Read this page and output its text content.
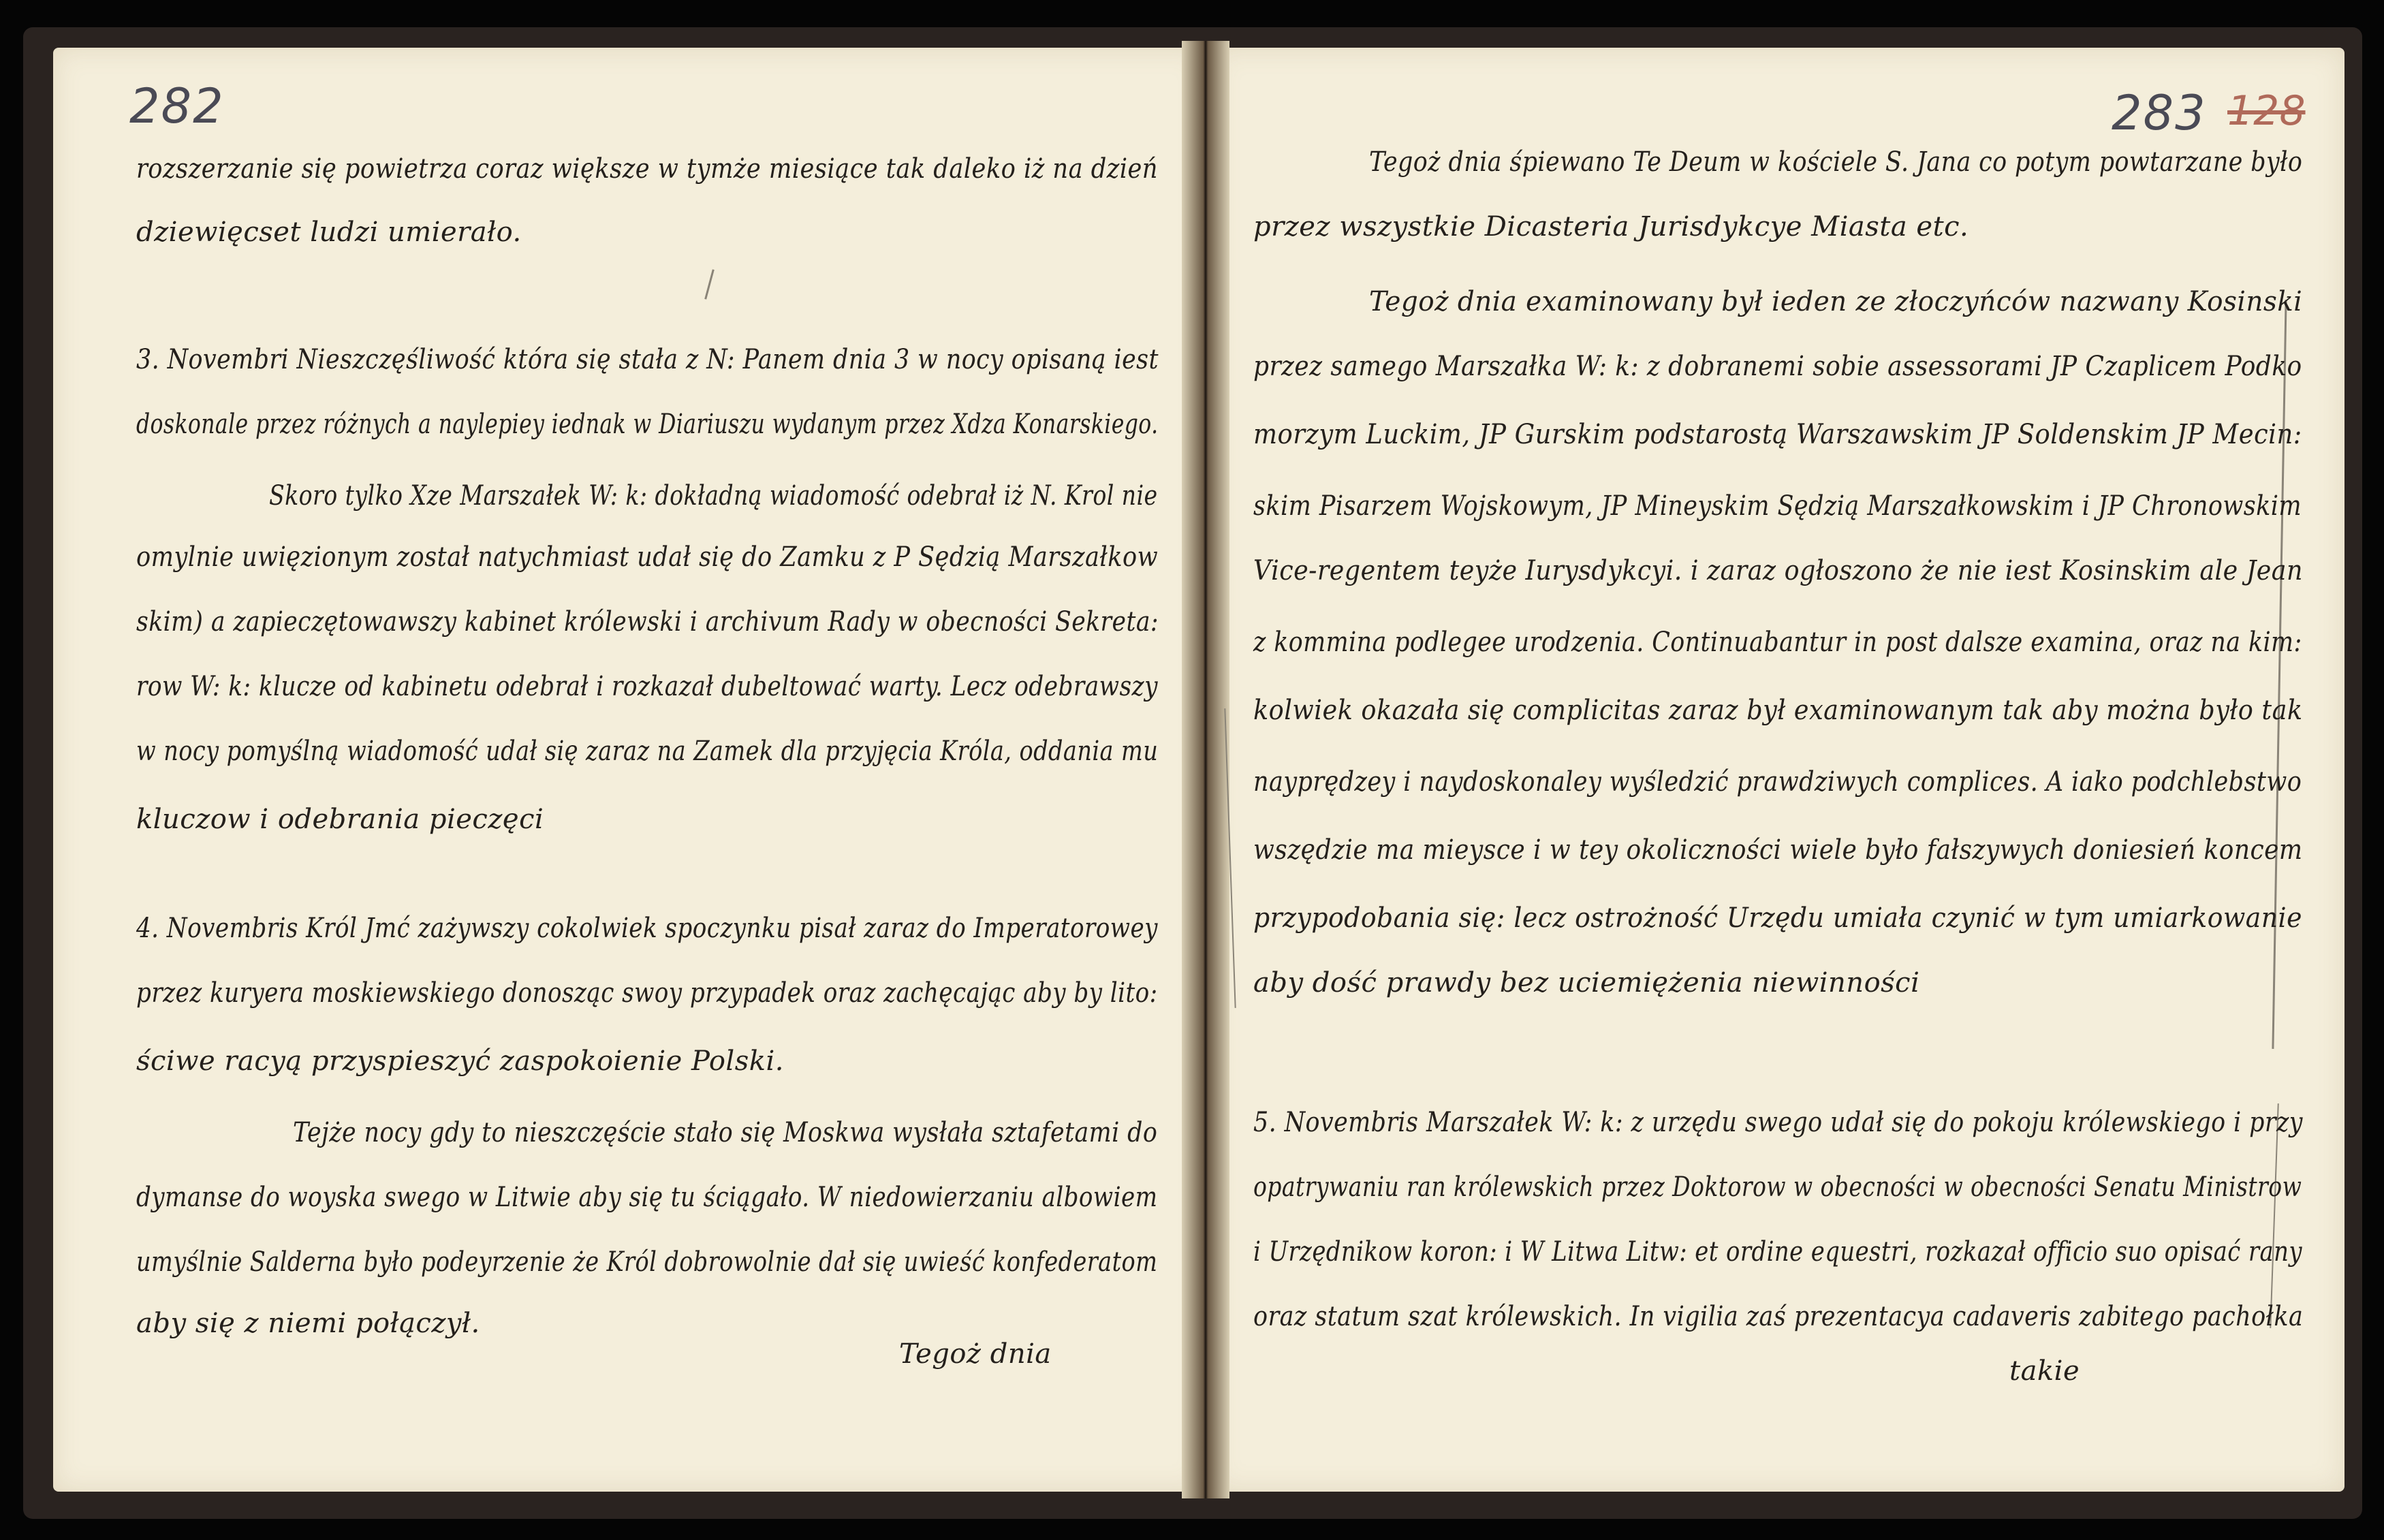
282	283 128
rozszerzanie się powietrza coraz większe w tymże miesiące tak daleko iż na dzień
dziewięcset ludzi umierało.
3. Novembri Nieszczęśliwość która się stała z N: Panem dnia 3 w nocy opisaną iest
doskonale przez różnych a naylepiey iednak w Diariuszu wydanym przez Xdza Konarskiego.
Skoro tylko Xze Marszałek W: k: dokładną wiadomość odebrał iż N. Krol nie
omylnie uwięzionym został natychmiast udał się do Zamku z P Sędzią Marszałkow
skim) a zapieczętowawszy kabinet królewski i archivum Rady w obecności Sekreta:
row W: k: klucze od kabinetu odebrał i rozkazał dubeltować warty. Lecz odebrawszy
w nocy pomyślną wiadomość udał się zaraz na Zamek dla przyjęcia Króla, oddania mu
kluczow i odebrania pieczęci
4. Novembris Król Jmć zażywszy cokolwiek spoczynku pisał zaraz do Imperatorowey
przez kuryera moskiewskiego donosząc swoy przypadek oraz zachęcając aby by lito:
ściwe racyą przyspieszyć zaspokoienie Polski.
Tejże nocy gdy to nieszczęście stało się Moskwa wysłała sztafetami do
dymanse do woyska swego w Litwie aby się tu ściągało. W niedowierzaniu albowiem
umyślnie Salderna było podeyrzenie że Król dobrowolnie dał się uwieść konfederatom
aby się z niemi połączył.
Tegoż dnia
Tegoż dnia śpiewano Te Deum w kościele S. Jana co potym powtarzane było
przez wszystkie Dicasteria Jurisdykcye Miasta etc.
Tegoż dnia examinowany był ieden ze złoczyńców nazwany Kosinski
przez samego Marszałka W: k: z dobranemi sobie assessorami JP Czaplicem Podko
morzym Luckim, JP Gurskim podstarostą Warszawskim JP Soldenskim JP Mecin:
skim Pisarzem Wojskowym, JP Mineyskim Sędzią Marszałkowskim i JP Chronowskim
Vice-regentem teyże Iurysdykcyi. i zaraz ogłoszono że nie iest Kosinskim ale Jean
z kommina podlegee urodzenia. Continuabantur in post dalsze examina, oraz na kim:
kolwiek okazała się complicitas zaraz był examinowanym tak aby można było tak
nayprędzey i naydoskonaley wyśledzić prawdziwych complices. A iako podchlebstwo
wszędzie ma mieysce i w tey okoliczności wiele było fałszywych doniesień koncem
przypodobania się: lecz ostrożność Urzędu umiała czynić w tym umiarkowanie
aby dość prawdy bez uciemiężenia niewinności
5. Novembris Marszałek W: k: z urzędu swego udał się do pokoju królewskiego i przy
opatrywaniu ran królewskich przez Doktorow w obecności w obecności Senatu Ministrow
i Urzędnikow koron: i W Litwa Litw: et ordine equestri, rozkazał officio suo opisać rany
oraz statum szat królewskich. In vigilia zaś prezentacya cadaveris zabitego pachołka
takie
